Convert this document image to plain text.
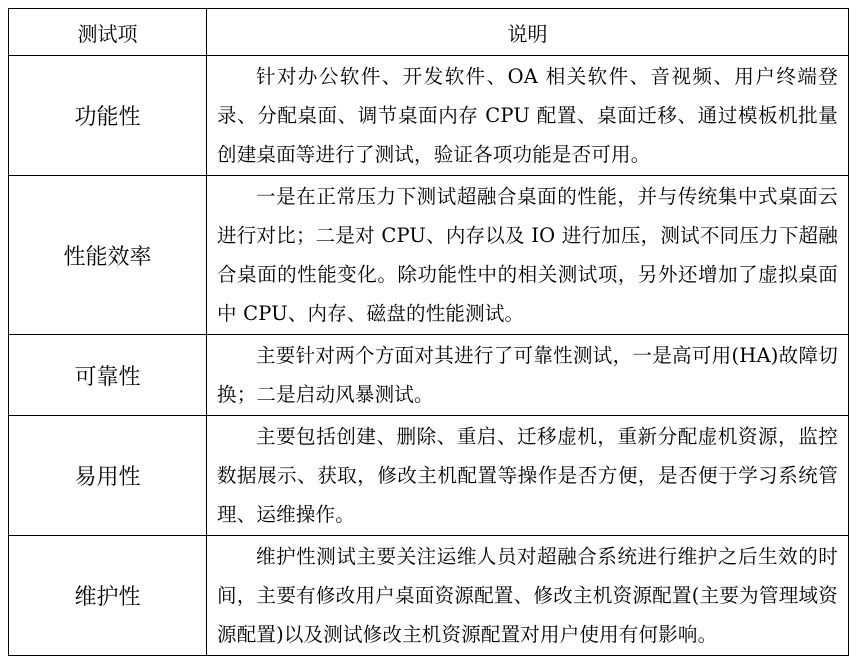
测试项	说明
功能性	针对办公软件、开发软件、OA 相关软件、音视频、用户终端登录、分配桌面、调节桌面内存 CPU 配置、桌面迁移、通过模板机批量创建桌面等进行了测试，验证各项功能是否可用。
性能效率	一是在正常压力下测试超融合桌面的性能，并与传统集中式桌面云进行对比；二是对 CPU、内存以及 IO 进行加压，测试不同压力下超融合桌面的性能变化。除功能性中的相关测试项，另外还增加了虚拟桌面中 CPU、内存、磁盘的性能测试。
可靠性	主要针对两个方面对其进行了可靠性测试，一是高可用(HA)故障切换；二是启动风暴测试。
易用性	主要包括创建、删除、重启、迁移虚机，重新分配虚机资源，监控数据展示、获取，修改主机配置等操作是否方便，是否便于学习系统管理、运维操作。
维护性	维护性测试主要关注运维人员对超融合系统进行维护之后生效的时间，主要有修改用户桌面资源配置、修改主机资源配置(主要为管理域资源配置)以及测试修改主机资源配置对用户使用有何影响。
